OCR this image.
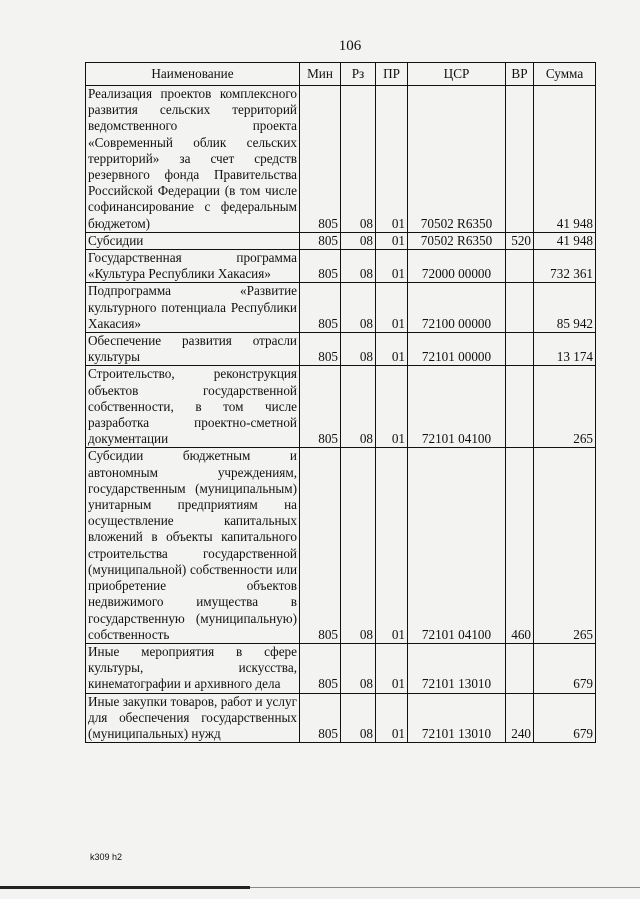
106
Наименование	Мин	Рз	ПР	ЦСР	ВР	Сумма
Реализация проектов комплексного развития сельских территорий ведомственного проекта «Современный облик сельских территорий» за счет средств резервного фонда Правительства Российской Федерации (в том числе софинансирование с федеральным бюджетом)	805	08	01	70502 R6350		41 948
Субсидии	805	08	01	70502 R6350	520	41 948
Государственная программа «Культура Республики Хакасия»	805	08	01	72000 00000		732 361
Подпрограмма «Развитие культурного потенциала Республики Хакасия»	805	08	01	72100 00000		85 942
Обеспечение развития отрасли культуры	805	08	01	72101 00000		13 174
Строительство, реконструкция объектов государственной собственности, в том числе разработка проектно-сметной документации	805	08	01	72101 04100		265
Субсидии бюджетным и автономным учреждениям, государственным (муниципальным) унитарным предприятиям на осуществление капитальных вложений в объекты капитального строительства государственной (муниципальной) собственности или приобретение объектов недвижимого имущества в государственную (муниципальную) собственность	805	08	01	72101 04100	460	265
Иные мероприятия в сфере культуры, искусства, кинематографии и архивного дела	805	08	01	72101 13010		679
Иные закупки товаров, работ и услуг для обеспечения государственных (муниципальных) нужд	805	08	01	72101 13010	240	679
k309 h2
